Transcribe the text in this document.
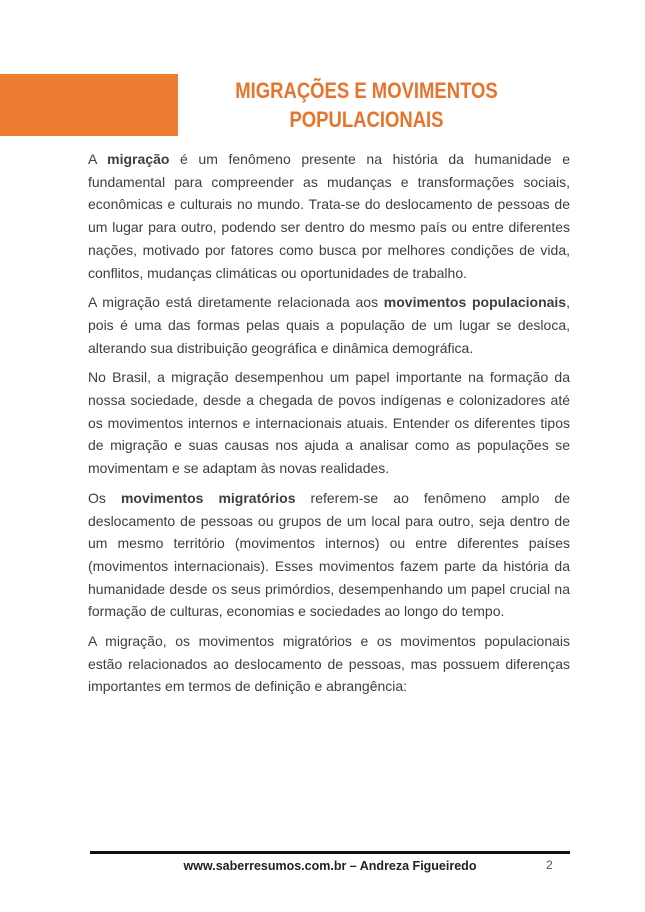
MIGRAÇÕES E MOVIMENTOS
POPULACIONAIS

A migração é um fenômeno presente na história da humanidade e fundamental para compreender as mudanças e transformações sociais, econômicas e culturais no mundo. Trata-se do deslocamento de pessoas de um lugar para outro, podendo ser dentro do mesmo país ou entre diferentes nações, motivado por fatores como busca por melhores condições de vida, conflitos, mudanças climáticas ou oportunidades de trabalho.

A migração está diretamente relacionada aos movimentos populacionais, pois é uma das formas pelas quais a população de um lugar se desloca, alterando sua distribuição geográfica e dinâmica demográfica.

No Brasil, a migração desempenhou um papel importante na formação da nossa sociedade, desde a chegada de povos indígenas e colonizadores até os movimentos internos e internacionais atuais. Entender os diferentes tipos de migração e suas causas nos ajuda a analisar como as populações se movimentam e se adaptam às novas realidades.

Os movimentos migratórios referem-se ao fenômeno amplo de deslocamento de pessoas ou grupos de um local para outro, seja dentro de um mesmo território (movimentos internos) ou entre diferentes países (movimentos internacionais). Esses movimentos fazem parte da história da humanidade desde os seus primórdios, desempenhando um papel crucial na formação de culturas, economias e sociedades ao longo do tempo.

A migração, os movimentos migratórios e os movimentos populacionais estão relacionados ao deslocamento de pessoas, mas possuem diferenças importantes em termos de definição e abrangência:

www.saberresumos.com.br – Andreza Figueiredo	2
